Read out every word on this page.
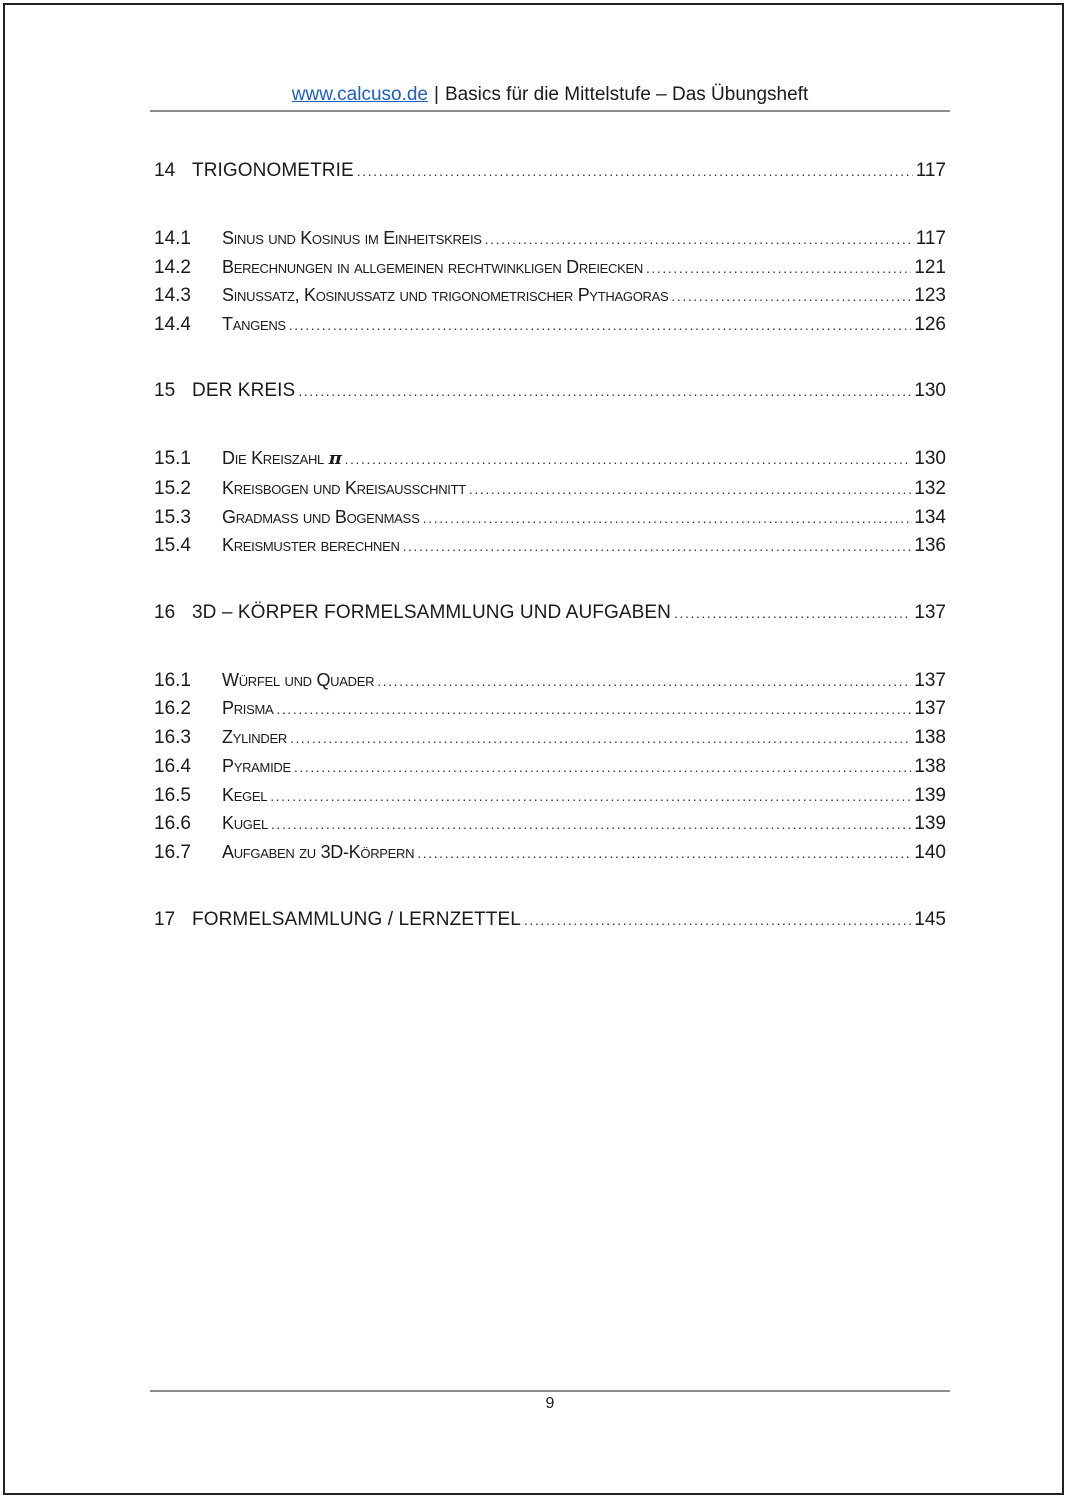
www.calcuso.de | Basics für die Mittelstufe – Das Übungsheft
14 TRIGONOMETRIE .....	117
14.1	Sinus und Kosinus im Einheitskreis .....	117
14.2	Berechnungen in allgemeinen rechtwinkligen Dreiecken .....	121
14.3	Sinussatz, Kosinussatz und trigonometrischer Pythagoras .....	123
14.4	Tangens .....	126
15 DER KREIS .....	130
15.1	Die Kreiszahl π .....	130
15.2	Kreisbogen und Kreisausschnitt .....	132
15.3	Gradmaß und Bogenmaß .....	134
15.4	Kreismuster berechnen .....	136
16 3D – KÖRPER FORMELSAMMLUNG UND AUFGABEN .....	137
16.1	Würfel und Quader .....	137
16.2	Prisma .....	137
16.3	Zylinder .....	138
16.4	Pyramide .....	138
16.5	Kegel .....	139
16.6	Kugel .....	139
16.7	Aufgaben zu 3D-Körpern .....	140
17 FORMELSAMMLUNG / LERNZETTEL .....	145
9
